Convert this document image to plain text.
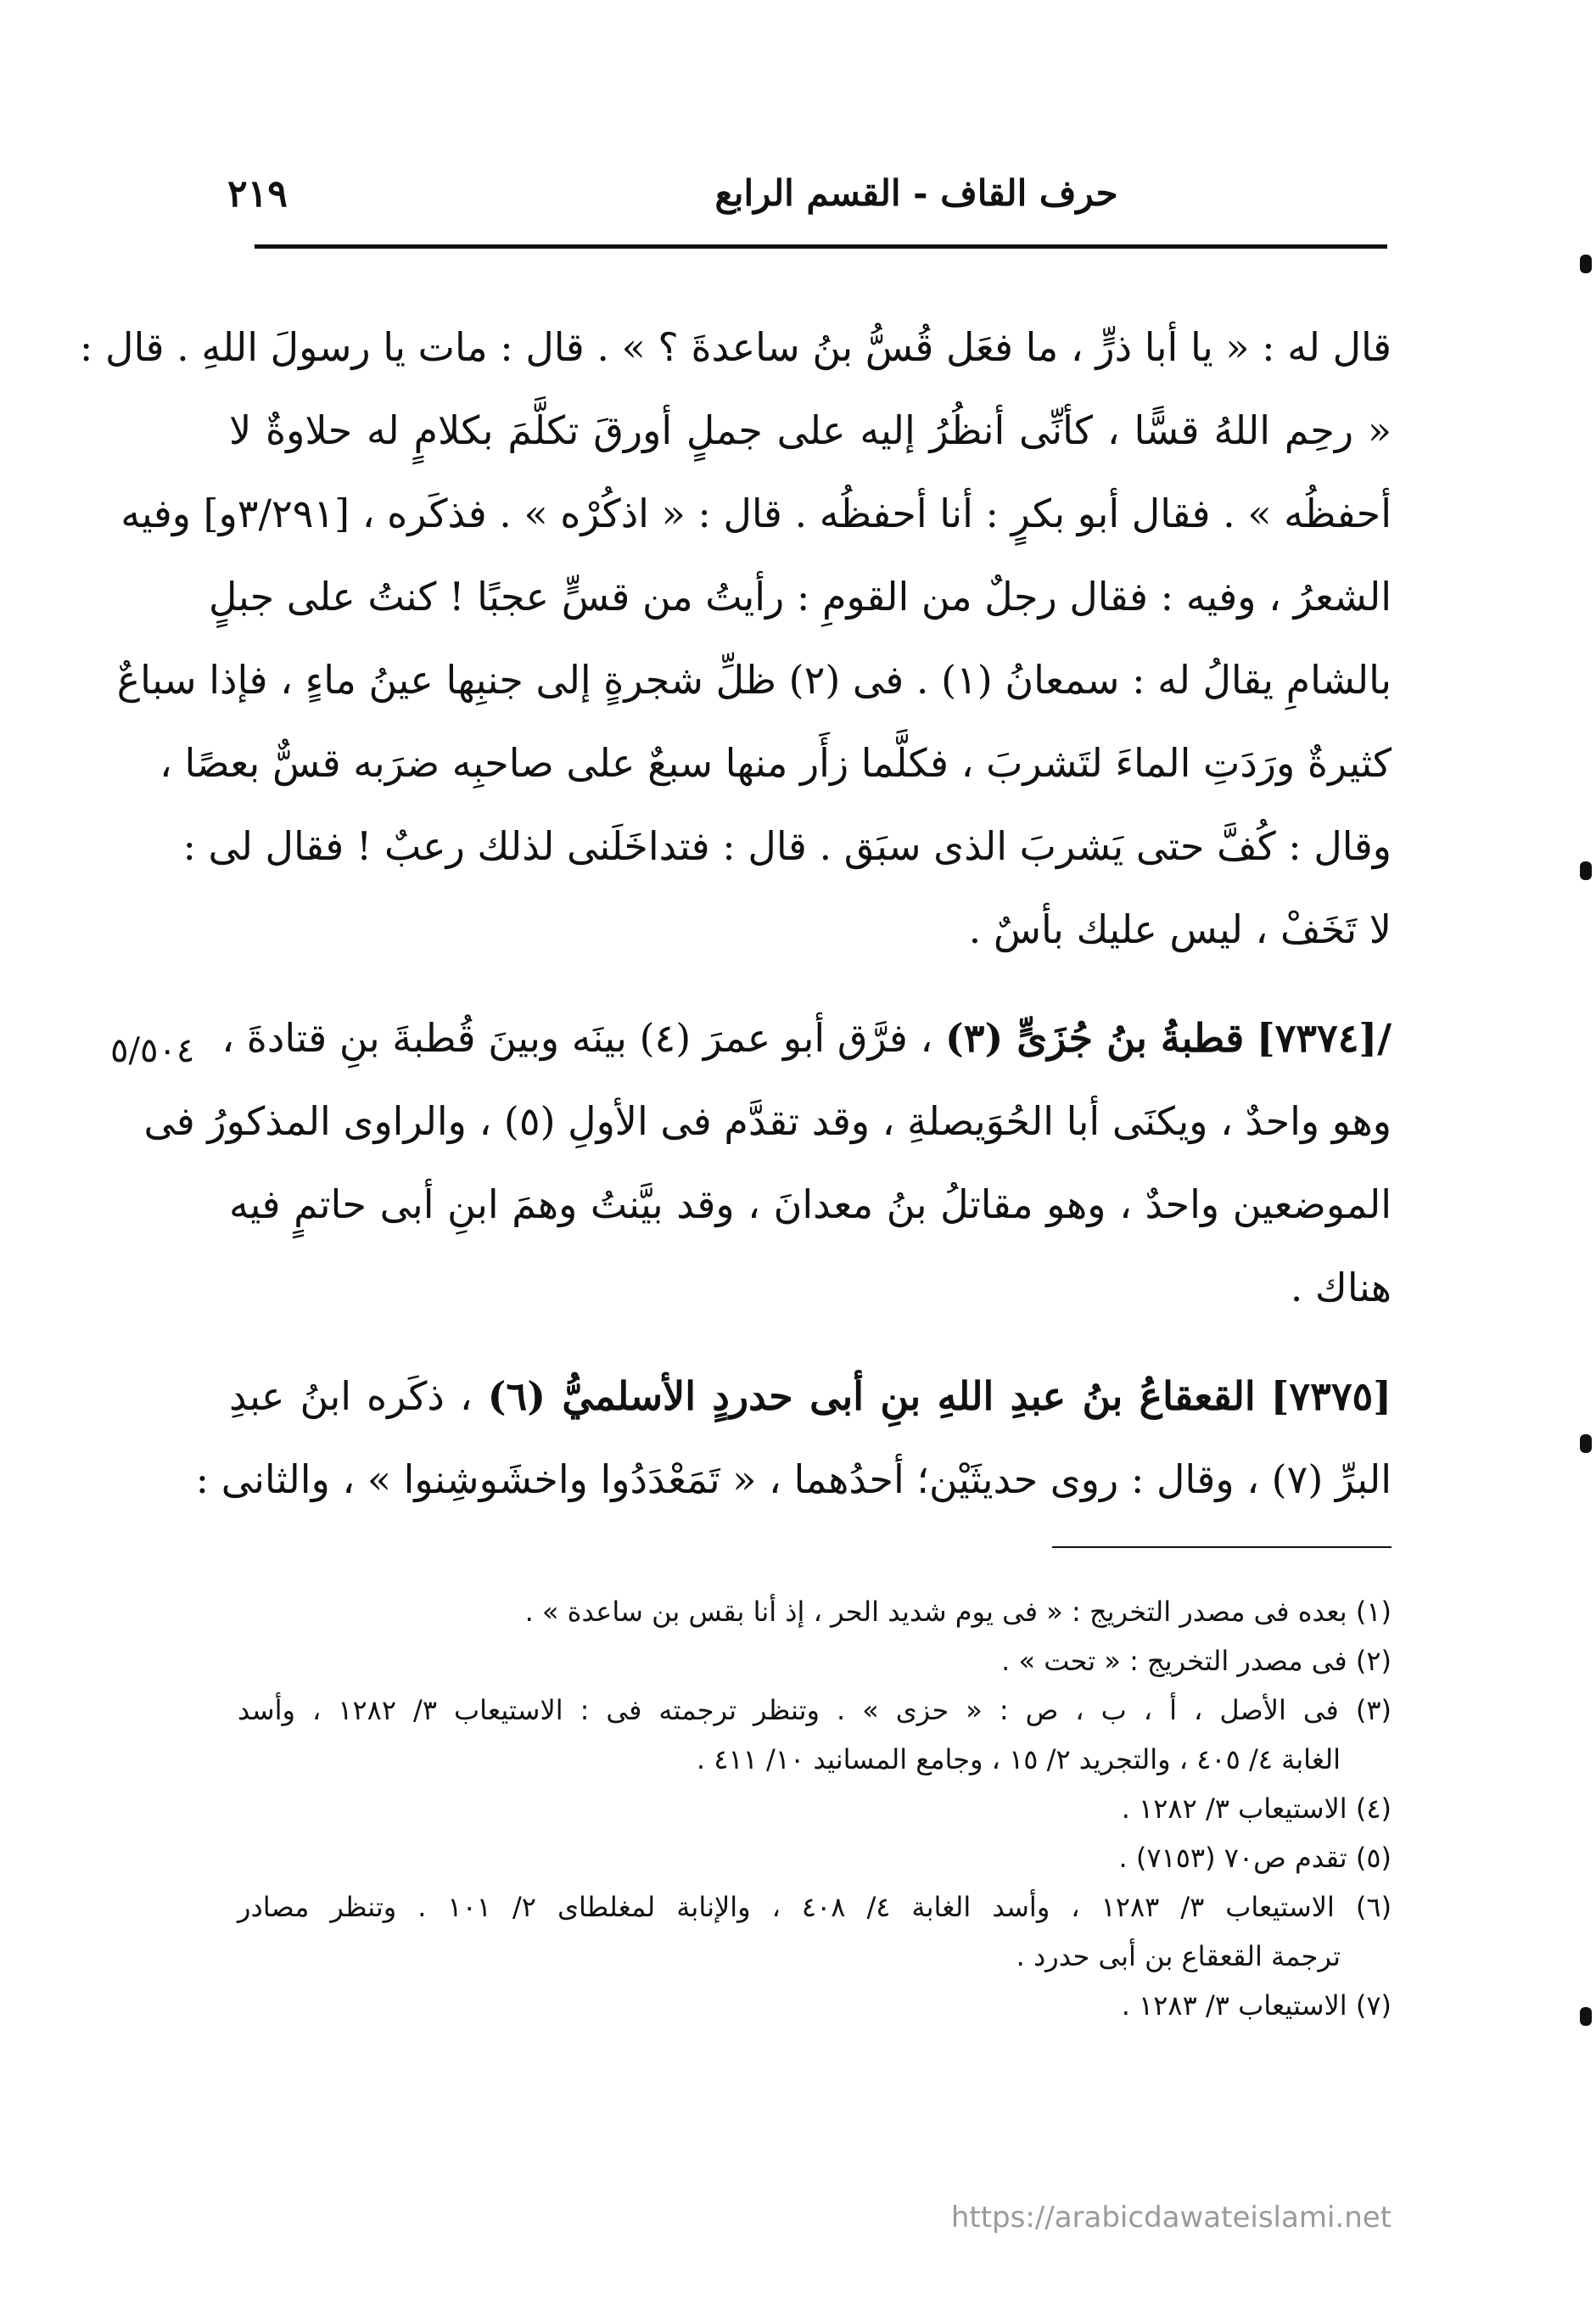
٢١٩	حرف القاف - القسم الرابع
قال له : « يا أبا ذرٍّ ، ما فعَل قُسُّ بنُ ساعدةَ ؟ » . قال : مات يا رسولَ اللهِ . قال :
« رحِم اللهُ قسًّا ، كأنِّى أنظُرُ إليه على جملٍ أورقَ تكلَّمَ بكلامٍ له حلاوةٌ لا
أحفظُه » . فقال أبو بكرٍ : أنا أحفظُه . قال : « اذكُرْه » . فذكَره ، [٣/٢٩١و] وفيه
الشعرُ ، وفيه : فقال رجلٌ من القومِ : رأيتُ من قسٍّ عجبًا ! كنتُ على جبلٍ
بالشامِ يقالُ له : سمعانُ (١) . فى (٢) ظلِّ شجرةٍ إلى جنبِها عينُ ماءٍ ، فإذا سباعٌ
كثيرةٌ ورَدَتِ الماءَ لتَشربَ ، فكلَّما زأَر منها سبعٌ على صاحبِه ضرَبه قسٌّ بعصًا ،
وقال : كُفَّ حتى يَشربَ الذى سبَق . قال : فتداخَلَنى لذلك رعبٌ ! فقال لى :
لا تَخَفْ ، ليس عليك بأسٌ .
/[٧٣٧٤] قطبةُ بنُ جُزَىٍّ (٣) ، فرَّق أبو عمرَ (٤) بينَه وبينَ قُطبةَ بنِ قتادةَ ،
وهو واحدٌ ، ويكنَى أبا الحُوَيصلةِ ، وقد تقدَّم فى الأولِ (٥) ، والراوى المذكورُ فى
الموضعين واحدٌ ، وهو مقاتلُ بنُ معدانَ ، وقد بيَّنتُ وهمَ ابنِ أبى حاتمٍ فيه
هناك .
[٧٣٧٥] القعقاعُ بنُ عبدِ اللهِ بنِ أبى حدردٍ الأسلميُّ (٦) ، ذكَره ابنُ عبدِ
البرِّ (٧) ، وقال : روى حديثَيْن؛ أحدُهما ، « تَمَعْدَدُوا واخشَوشِنوا » ، والثانى :
٥/٥٠٤
(١) بعده فى مصدر التخريج : « فى يوم شديد الحر ، إذ أنا بقس بن ساعدة » .
(٢) فى مصدر التخريج : « تحت » .
(٣) فى الأصل ، أ ، ب ، ص : « حزى » . وتنظر ترجمته فى : الاستيعاب ٣/ ١٢٨٢ ، وأسد
الغابة ٤/ ٤٠٥ ، والتجريد ٢/ ١٥ ، وجامع المسانيد ١٠/ ٤١١ .
(٤) الاستيعاب ٣/ ١٢٨٢ .
(٥) تقدم ص٧٠ (٧١٥٣) .
(٦) الاستيعاب ٣/ ١٢٨٣ ، وأسد الغابة ٤/ ٤٠٨ ، والإنابة لمغلطاى ٢/ ١٠١ . وتنظر مصادر
ترجمة القعقاع بن أبى حدرد .
(٧) الاستيعاب ٣/ ١٢٨٣ .
https://arabicdawateislami.net
